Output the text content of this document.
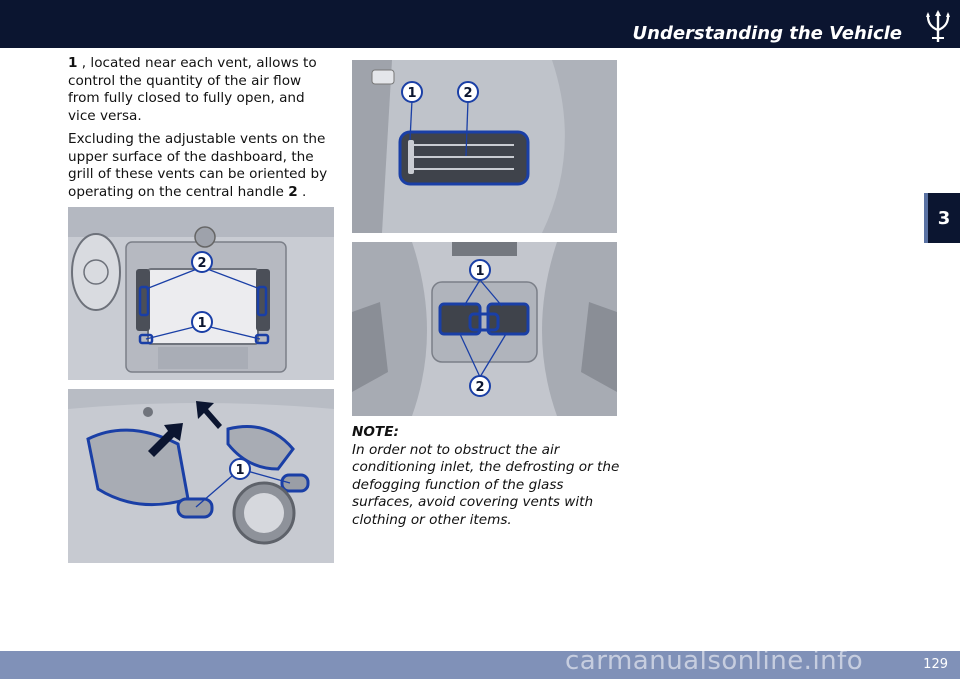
Understanding the Vehicle
3

1 , located near each vent, allows to control the quantity of the air flow from fully closed to fully open, and vice versa.

Excluding the adjustable vents on the upper surface of the dashboard, the grill of these vents can be oriented by operating on the central handle 2 .

2
1
1
1	2
1
2
NOTE:
In order not to obstruct the air conditioning inlet, the defrosting or the defogging function of the glass surfaces, avoid covering vents with clothing or other items.
129
carmanualsonline.info
